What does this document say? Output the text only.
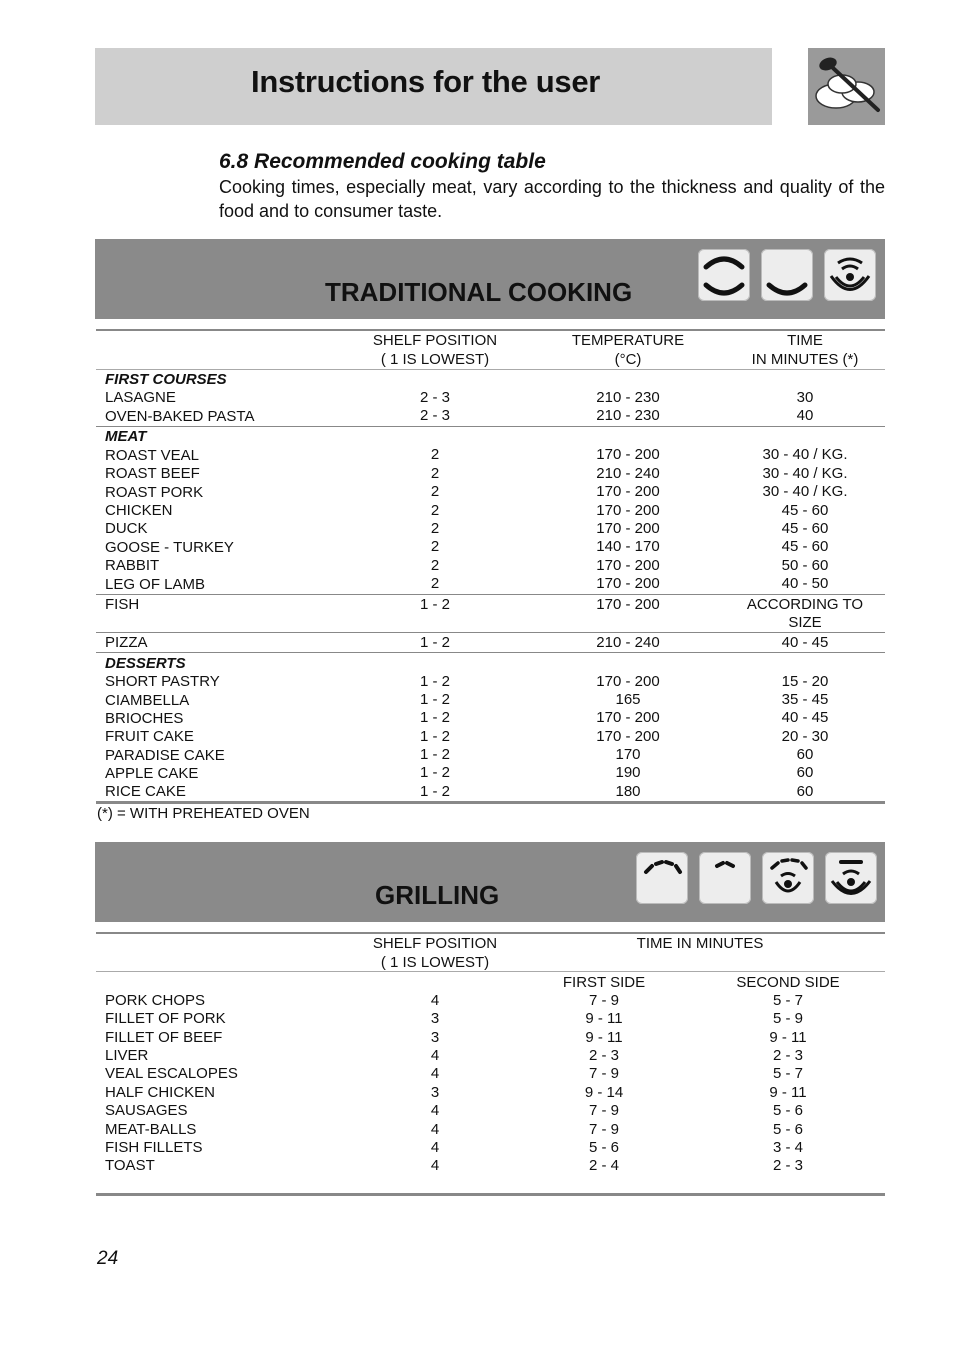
Instructions for the user
6.8 Recommended cooking table
Cooking times, especially meat, vary according to the thickness and quality of the food and to consumer taste.
TRADITIONAL COOKING
SHELF POSITION
( 1 IS LOWEST)
TEMPERATURE
(°C)
TIME
IN MINUTES (*)
FIRST COURSES
LASAGNE	2 - 3	210 - 230	30
OVEN-BAKED PASTA	2 - 3	210 - 230	40
MEAT
ROAST VEAL	2	170 - 200	30 - 40 / KG.
ROAST BEEF	2	210 - 240	30 - 40 / KG.
ROAST PORK	2	170 - 200	30 - 40 / KG.
CHICKEN	2	170 - 200	45 - 60
DUCK	2	170 - 200	45 - 60
GOOSE - TURKEY	2	140 - 170	45 - 60
RABBIT	2	170 - 200	50 - 60
LEG OF LAMB	2	170 - 200	40 - 50
FISH	1 - 2	170 - 200	ACCORDING TO
SIZE
PIZZA	1 - 2	210 - 240	40 - 45
DESSERTS
SHORT PASTRY	1 - 2	170 - 200	15 - 20
CIAMBELLA	1 - 2	165	35 - 45
BRIOCHES	1 - 2	170 - 200	40 - 45
FRUIT CAKE	1 - 2	170 - 200	20 - 30
PARADISE CAKE	1 - 2	170	60
APPLE CAKE	1 - 2	190	60
RICE CAKE	1 - 2	180	60
(*) = WITH PREHEATED OVEN
GRILLING
SHELF POSITION
( 1 IS LOWEST)
TIME IN MINUTES
FIRST SIDE	SECOND SIDE
PORK CHOPS	4	7 - 9	5 - 7
FILLET OF PORK	3	9 - 11	5 - 9
FILLET OF BEEF	3	9 - 11	9 - 11
LIVER	4	2 - 3	2 - 3
VEAL ESCALOPES	4	7 - 9	5 - 7
HALF CHICKEN	3	9 - 14	9 - 11
SAUSAGES	4	7 - 9	5 - 6
MEAT-BALLS	4	7 - 9	5 - 6
FISH FILLETS	4	5 - 6	3 - 4
TOAST	4	2 - 4	2 - 3
24
